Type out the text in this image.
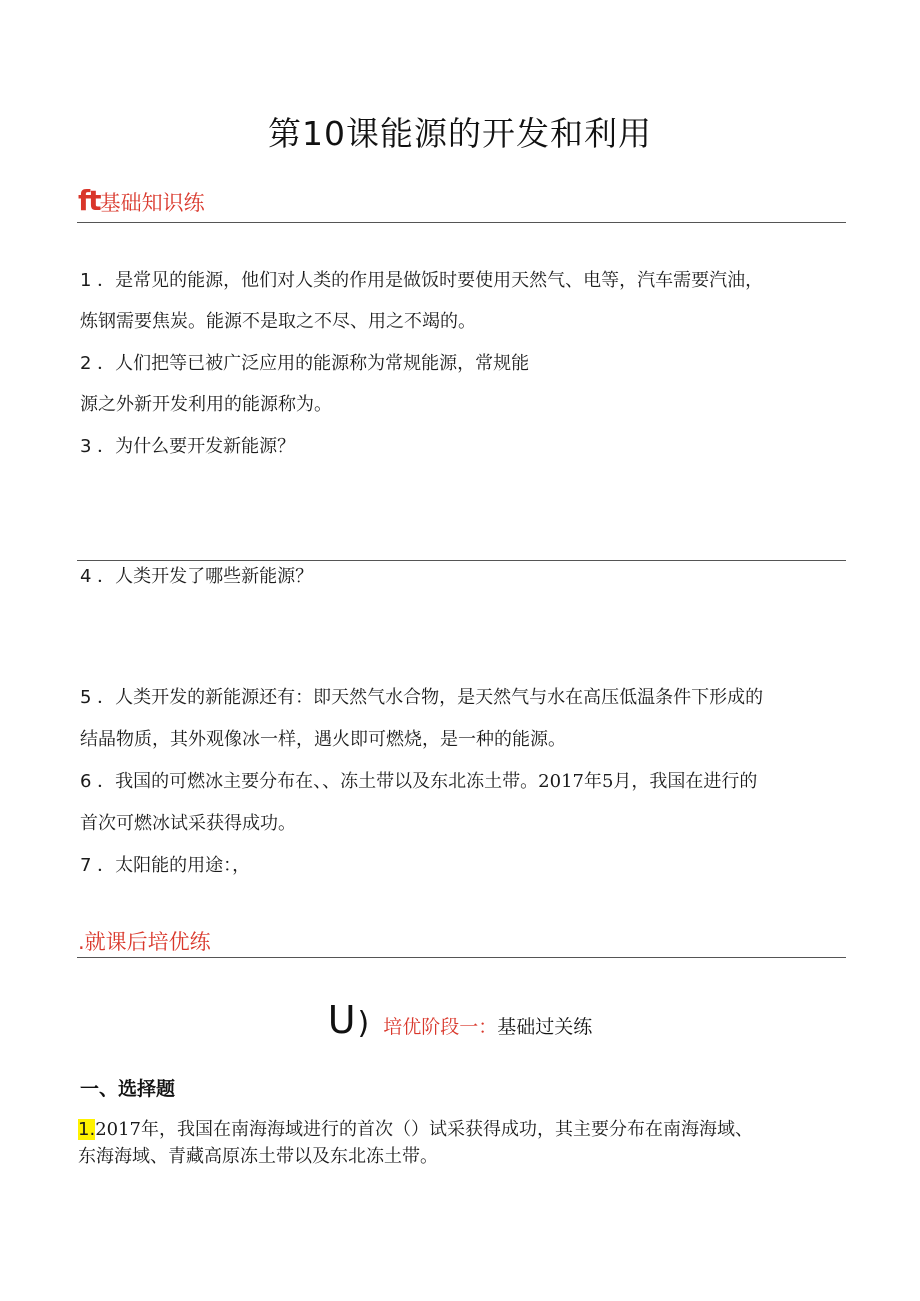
第10课能源的开发和利用
ft基础知识练
1 ．是常见的能源，他们对人类的作用是做饭时要使用天然气、电等，汽车需要汽油，
炼钢需要焦炭。能源不是取之不尽、用之不竭的。
2 ．人们把等已被广泛应用的能源称为常规能源，常规能
源之外新开发利用的能源称为。
3 ．为什么要开发新能源？
4 ．人类开发了哪些新能源？
5 ．人类开发的新能源还有：即天然气水合物，是天然气与水在高压低温条件下形成的
结晶物质，其外观像冰一样，遇火即可燃烧，是一种的能源。
6 ．我国的可燃冰主要分布在、、冻土带以及东北冻土带。2017年5月，我国在进行的
首次可燃冰试采获得成功。
7 ．太阳能的用途：，
.就课后培优练
U) 培优阶段一：基础过关练
一、选择题
1.2017年，我国在南海海域进行的首次（）试采获得成功，其主要分布在南海海域、
东海海域、青藏高原冻土带以及东北冻土带。
